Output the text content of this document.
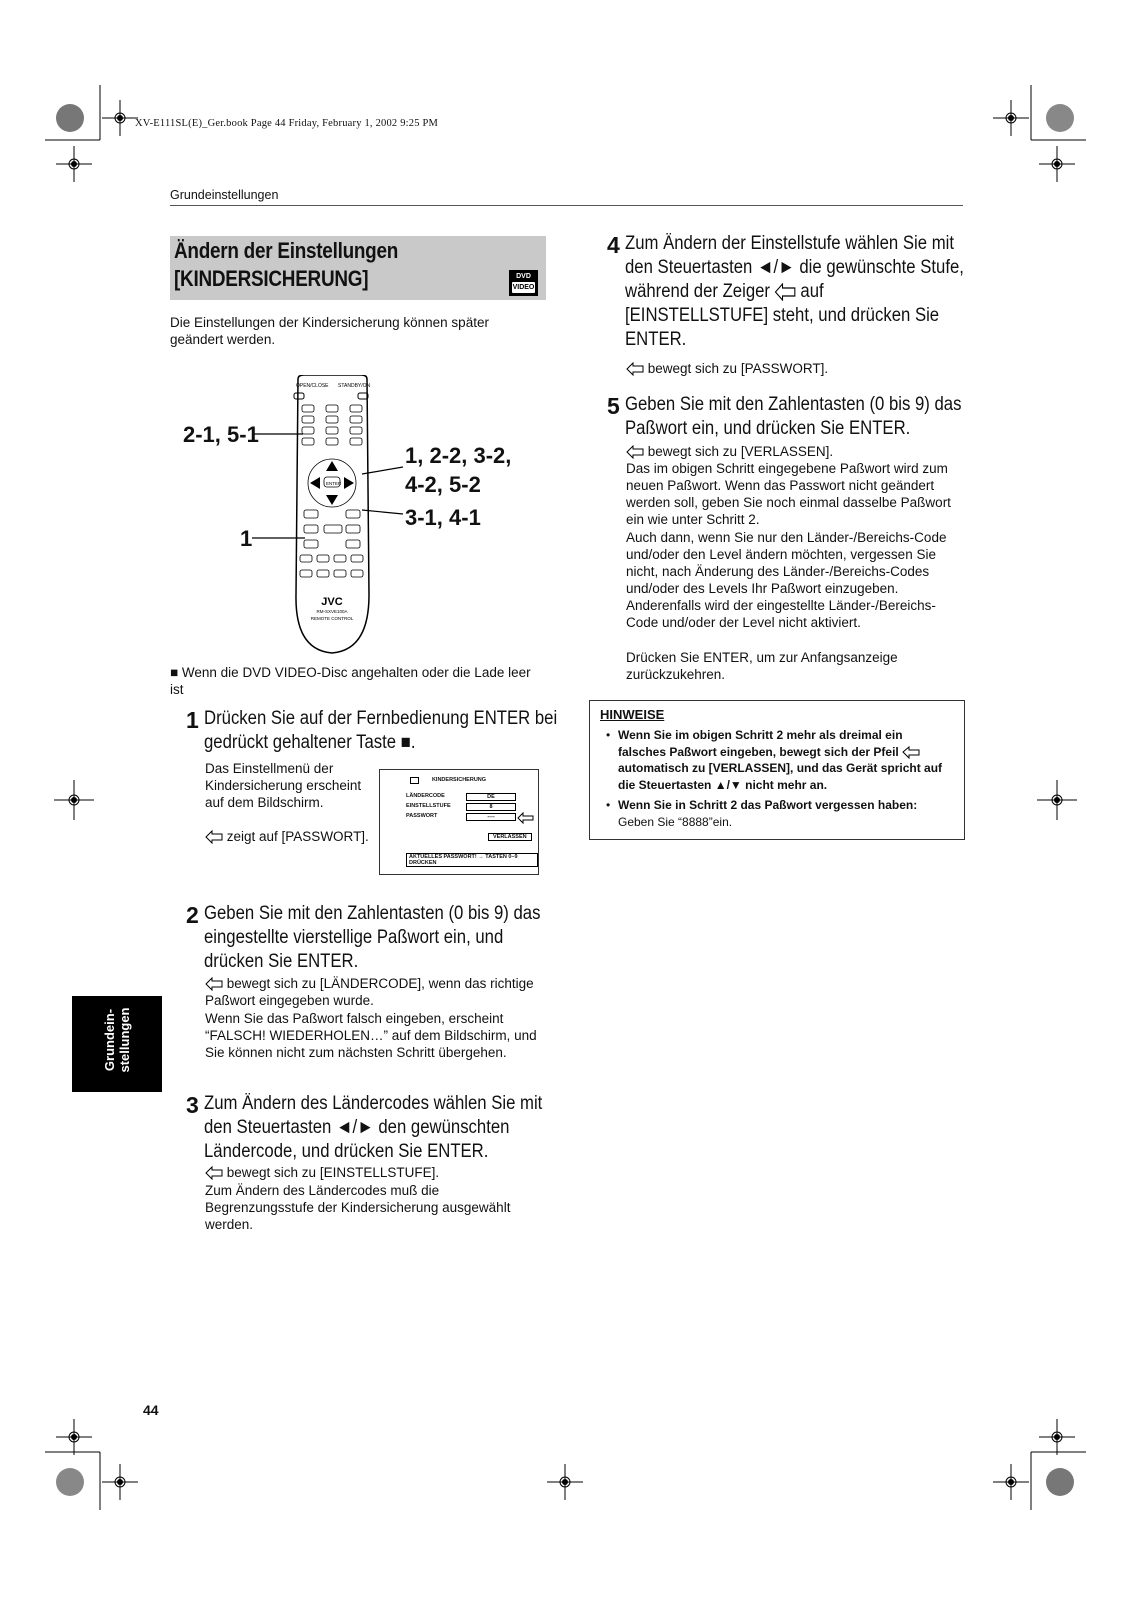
XV-E111SL(E)_Ger.book Page 44 Friday, February 1, 2002 9:25 PM
Grundeinstellungen
Ändern der Einstellungen
[KINDERSICHERUNG]	DVD
VIDEO
Die Einstellungen der Kindersicherung können später geändert werden.
OPEN/CLOSE STANDBY/ON
ENTER
JVC
RM-SXVE100A
REMOTE CONTROL
2-1, 5-1
1
1, 2-2, 3-2,
4-2, 5-2
3-1, 4-1
■ Wenn die DVD VIDEO-Disc angehalten oder die Lade leer ist
1 Drücken Sie auf der Fernbedienung ENTER bei gedrückt gehaltener Taste ■.
Das Einstellmenü der Kindersicherung erscheint auf dem Bildschirm.
zeigt auf [PASSWORT].
KINDERSICHERUNG
LÄNDERCODE	DE
EINSTELLSTUFE	8
PASSWORT	----
VERLASSEN
AKTUELLES PASSWORT! → TASTEN 0–9 DRÜCKEN
2 Geben Sie mit den Zahlentasten (0 bis 9) das eingestellte vierstellige Paßwort ein, und drücken Sie ENTER.
bewegt sich zu [LÄNDERCODE], wenn das richtige Paßwort eingegeben wurde.
Wenn Sie das Paßwort falsch eingeben, erscheint “FALSCH! WIEDERHOLEN…” auf dem Bildschirm, und Sie können nicht zum nächsten Schritt übergehen.
3 Zum Ändern des Ländercodes wählen Sie mit den Steuertasten ◄/► den gewünschten Ländercode, und drücken Sie ENTER.
bewegt sich zu [EINSTELLSTUFE].
Zum Ändern des Ländercodes muß die Begrenzungsstufe der Kindersicherung ausgewählt werden.
4 Zum Ändern der Einstellstufe wählen Sie mit den Steuertasten ◄/► die gewünschte Stufe, während der Zeiger auf [EINSTELLSTUFE] steht, und drücken Sie ENTER.
bewegt sich zu [PASSWORT].
5 Geben Sie mit den Zahlentasten (0 bis 9) das Paßwort ein, und drücken Sie ENTER.
bewegt sich zu [VERLASSEN].
Das im obigen Schritt eingegebene Paßwort wird zum neuen Paßwort. Wenn das Passwort nicht geändert werden soll, geben Sie noch einmal dasselbe Paßwort ein wie unter Schritt 2.
Auch dann, wenn Sie nur den Länder-/Bereichs-Code und/oder den Level ändern möchten, vergessen Sie nicht, nach Änderung des Länder-/Bereichs-Codes und/oder des Levels Ihr Paßwort einzugeben. Anderenfalls wird der eingestellte Länder-/Bereichs-Code und/oder der Level nicht aktiviert.
Drücken Sie ENTER, um zur Anfangsanzeige zurückzukehren.
HINWEISE
• Wenn Sie im obigen Schritt 2 mehr als dreimal ein falsches Paßwort eingeben, bewegt sich der Pfeil  automatisch zu [VERLASSEN], und das Gerät spricht auf die Steuertasten ▲/▼ nicht mehr an.
• Wenn Sie in Schritt 2 das Paßwort vergessen haben:
Geben Sie “8888”ein.
Grundein- stellungen
44
